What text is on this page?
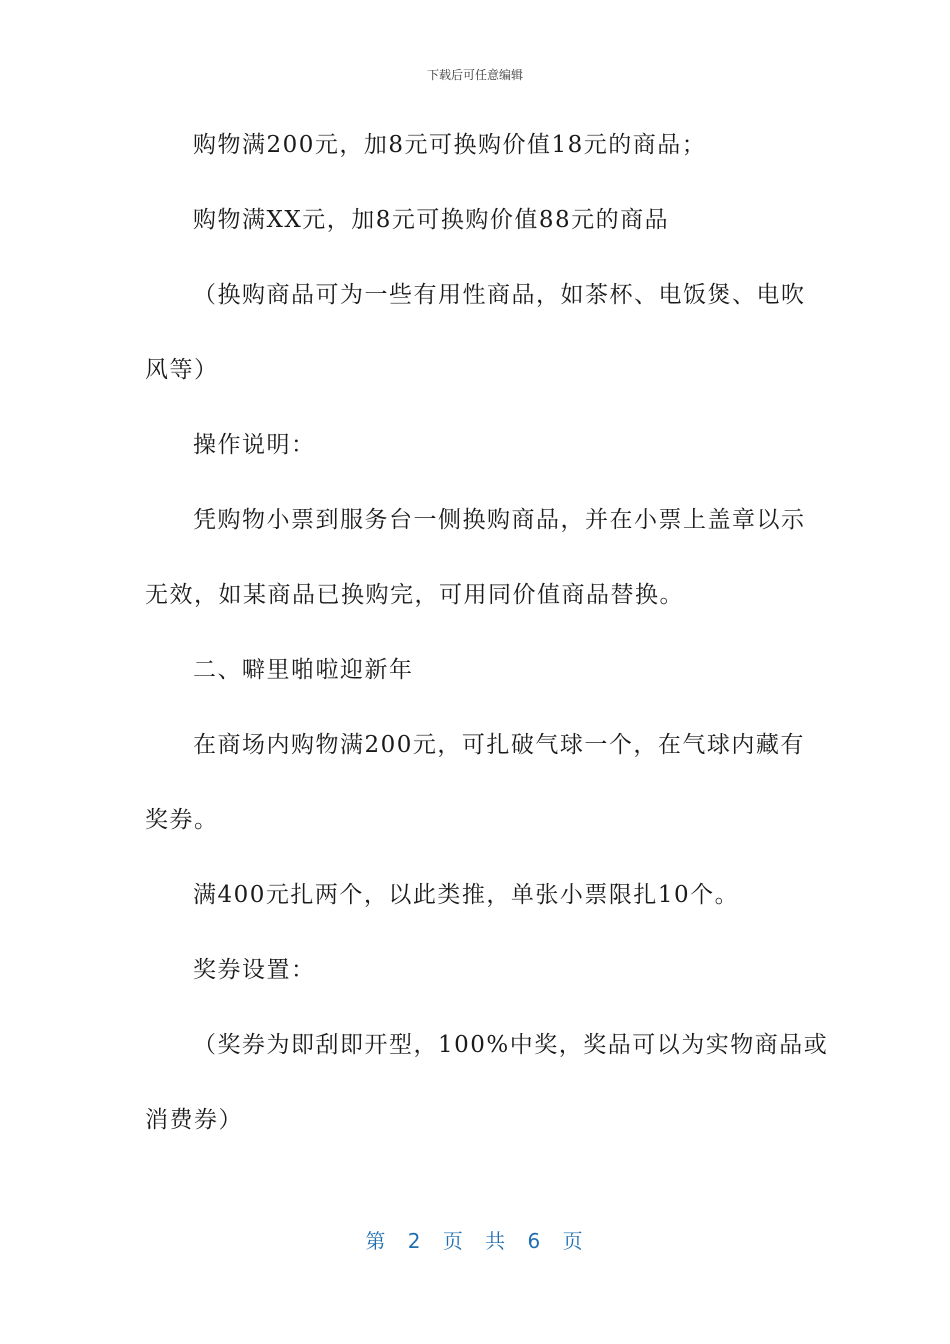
下载后可任意编辑
购物满200元，加8元可换购价值18元的商品；
购物满XX元，加8元可换购价值88元的商品
（换购商品可为一些有用性商品，如茶杯、电饭煲、电吹
风等）
操作说明：
凭购物小票到服务台一侧换购商品，并在小票上盖章以示
无效，如某商品已换购完，可用同价值商品替换。
二、噼里啪啦迎新年
在商场内购物满200元，可扎破气球一个，在气球内藏有
奖券。
满400元扎两个，以此类推，单张小票限扎10个。
奖券设置：
（奖券为即刮即开型，100%中奖，奖品可以为实物商品或
消费券）
第 2 页 共 6 页
